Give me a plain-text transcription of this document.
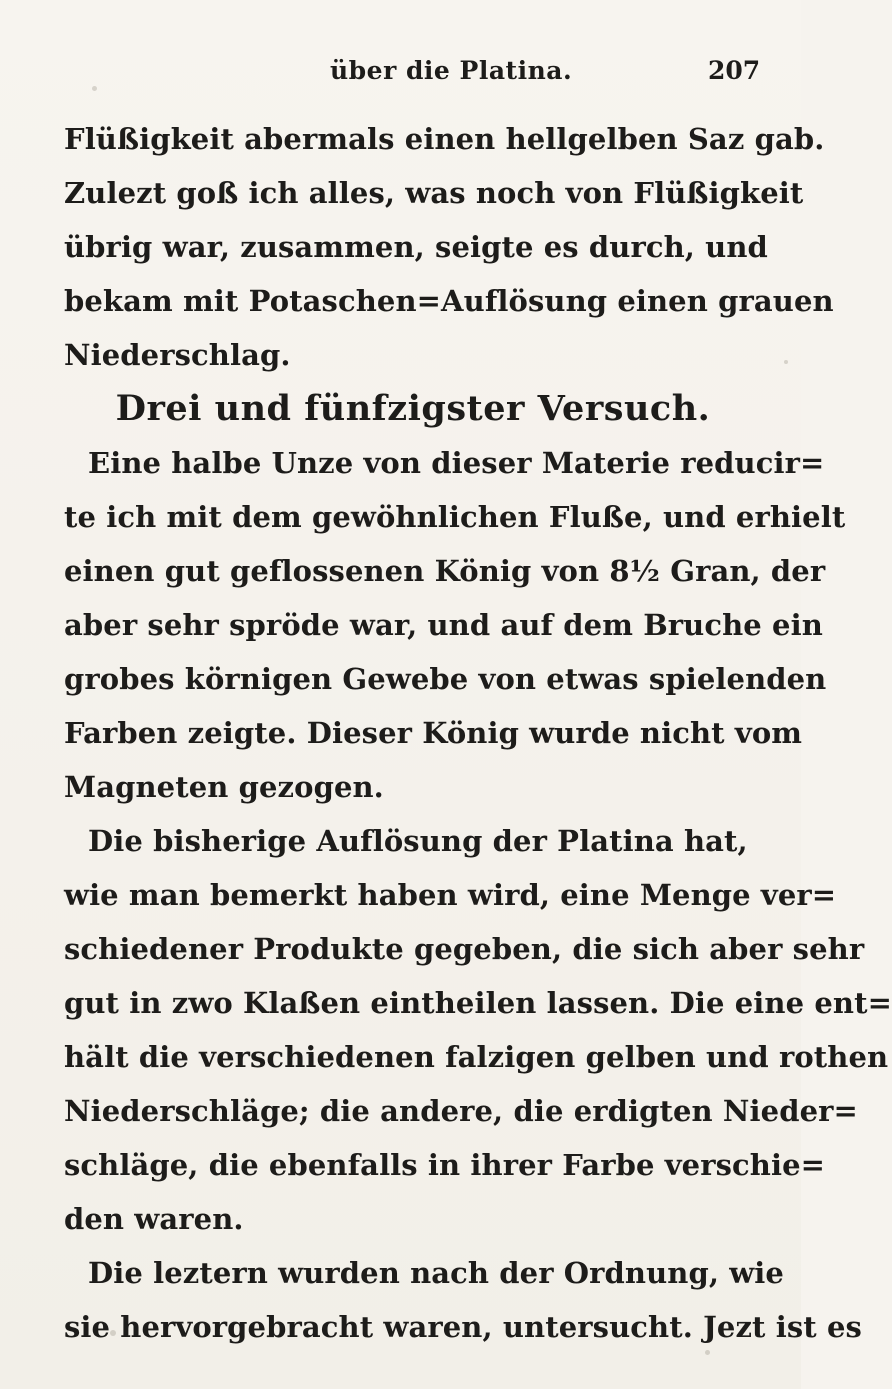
über die Platina.	207
Flüßigkeit abermals einen hellgelben Saz gab.
Zulezt goß ich alles, was noch von Flüßigkeit
übrig war, zusammen, seigte es durch, und
bekam mit Potaschen=Auflösung einen grauen
Niederschlag.
Drei und fünfzigster Versuch.
Eine halbe Unze von dieser Materie reducir=
te ich mit dem gewöhnlichen Fluße, und erhielt
einen gut geflossenen König von 8½ Gran, der
aber sehr spröde war, und auf dem Bruche ein
grobes körnigen Gewebe von etwas spielenden
Farben zeigte. Dieser König wurde nicht vom
Magneten gezogen.
Die bisherige Auflösung der Platina hat,
wie man bemerkt haben wird, eine Menge ver=
schiedener Produkte gegeben, die sich aber sehr
gut in zwo Klaßen eintheilen lassen. Die eine ent=
hält die verschiedenen falzigen gelben und rothen
Niederschläge; die andere, die erdigten Nieder=
schläge, die ebenfalls in ihrer Farbe verschie=
den waren.
Die leztern wurden nach der Ordnung, wie
sie hervorgebracht waren, untersucht. Jezt ist es
